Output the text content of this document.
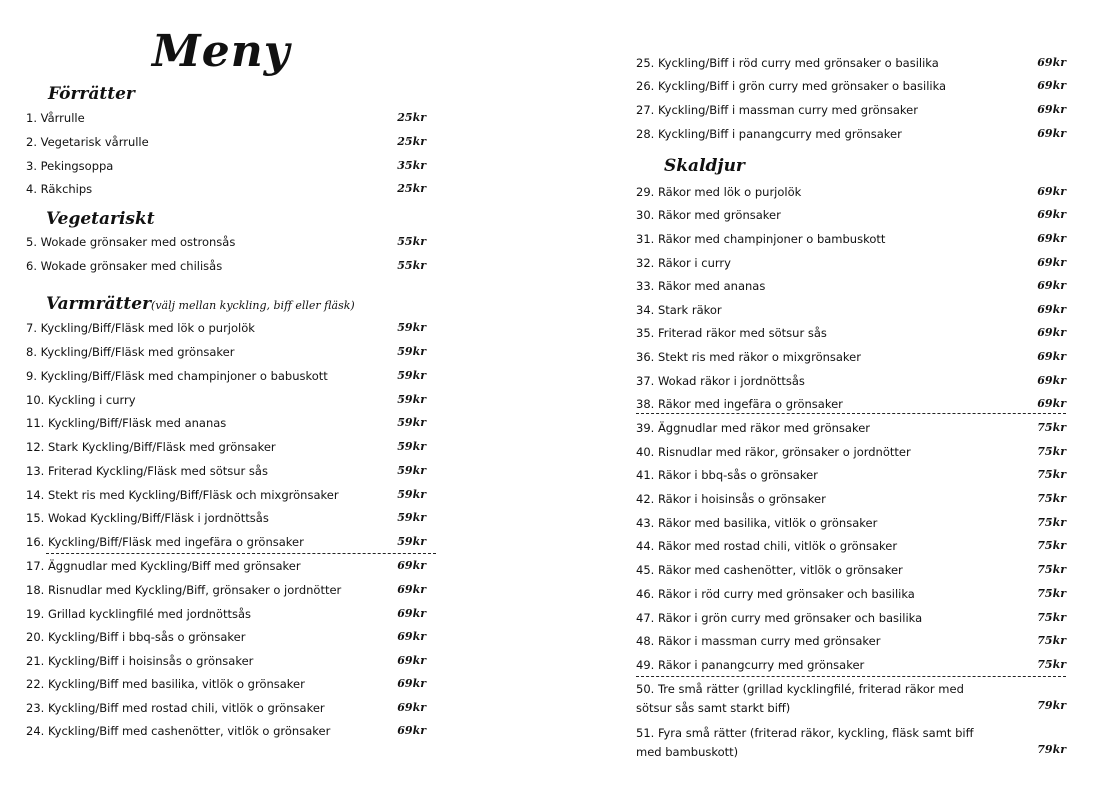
Meny
Förrätter
1. Vårrulle	25kr
2. Vegetarisk vårrulle	25kr
3. Pekingsoppa	35kr
4. Räkchips	25kr
Vegetariskt
5. Wokade grönsaker med ostronsås	55kr
6. Wokade grönsaker med chilisås	55kr
Varmrätter(välj mellan kyckling, biff eller fläsk)
7. Kyckling/Biff/Fläsk med lök o purjolök	59kr
8. Kyckling/Biff/Fläsk med grönsaker	59kr
9. Kyckling/Biff/Fläsk med champinjoner o babuskott	59kr
10. Kyckling i curry	59kr
11. Kyckling/Biff/Fläsk med ananas	59kr
12. Stark Kyckling/Biff/Fläsk med grönsaker	59kr
13. Friterad Kyckling/Fläsk med sötsur sås	59kr
14. Stekt ris med Kyckling/Biff/Fläsk och mixgrönsaker	59kr
15. Wokad Kyckling/Biff/Fläsk i jordnöttsås	59kr
16. Kyckling/Biff/Fläsk med ingefära o grönsaker	59kr
17. Äggnudlar med Kyckling/Biff med grönsaker	69kr
18. Risnudlar med Kyckling/Biff, grönsaker o jordnötter	69kr
19. Grillad kycklingfilé med jordnöttsås	69kr
20. Kyckling/Biff i bbq-sås o grönsaker	69kr
21. Kyckling/Biff i hoisinsås o grönsaker	69kr
22. Kyckling/Biff med basilika, vitlök o grönsaker	69kr
23. Kyckling/Biff med rostad chili, vitlök o grönsaker	69kr
24. Kyckling/Biff med cashenötter, vitlök o grönsaker	69kr
25. Kyckling/Biff i röd curry med grönsaker o basilika	69kr
26. Kyckling/Biff i grön curry med grönsaker o basilika	69kr
27. Kyckling/Biff i massman curry med grönsaker	69kr
28. Kyckling/Biff i panangcurry med grönsaker	69kr
Skaldjur
29. Räkor med lök o purjolök	69kr
30. Räkor med grönsaker	69kr
31. Räkor med champinjoner o bambuskott	69kr
32. Räkor i curry	69kr
33. Räkor med ananas	69kr
34. Stark räkor	69kr
35. Friterad räkor med sötsur sås	69kr
36. Stekt ris med räkor o mixgrönsaker	69kr
37. Wokad räkor i jordnöttsås	69kr
38. Räkor med ingefära o grönsaker	69kr
39. Äggnudlar med räkor med grönsaker	75kr
40. Risnudlar med räkor, grönsaker o jordnötter	75kr
41. Räkor i bbq-sås o grönsaker	75kr
42. Räkor i hoisinsås o grönsaker	75kr
43. Räkor med basilika, vitlök o grönsaker	75kr
44. Räkor med rostad chili, vitlök o grönsaker	75kr
45. Räkor med cashenötter, vitlök o grönsaker	75kr
46. Räkor i röd curry med grönsaker och basilika	75kr
47. Räkor i grön curry med grönsaker och basilika	75kr
48. Räkor i massman curry med grönsaker	75kr
49. Räkor i panangcurry med grönsaker	75kr
50. Tre små rätter (grillad kycklingfilé, friterad räkor med sötsur sås samt starkt biff)	79kr
51. Fyra små rätter (friterad räkor, kyckling, fläsk samt biff med bambuskott)	79kr
